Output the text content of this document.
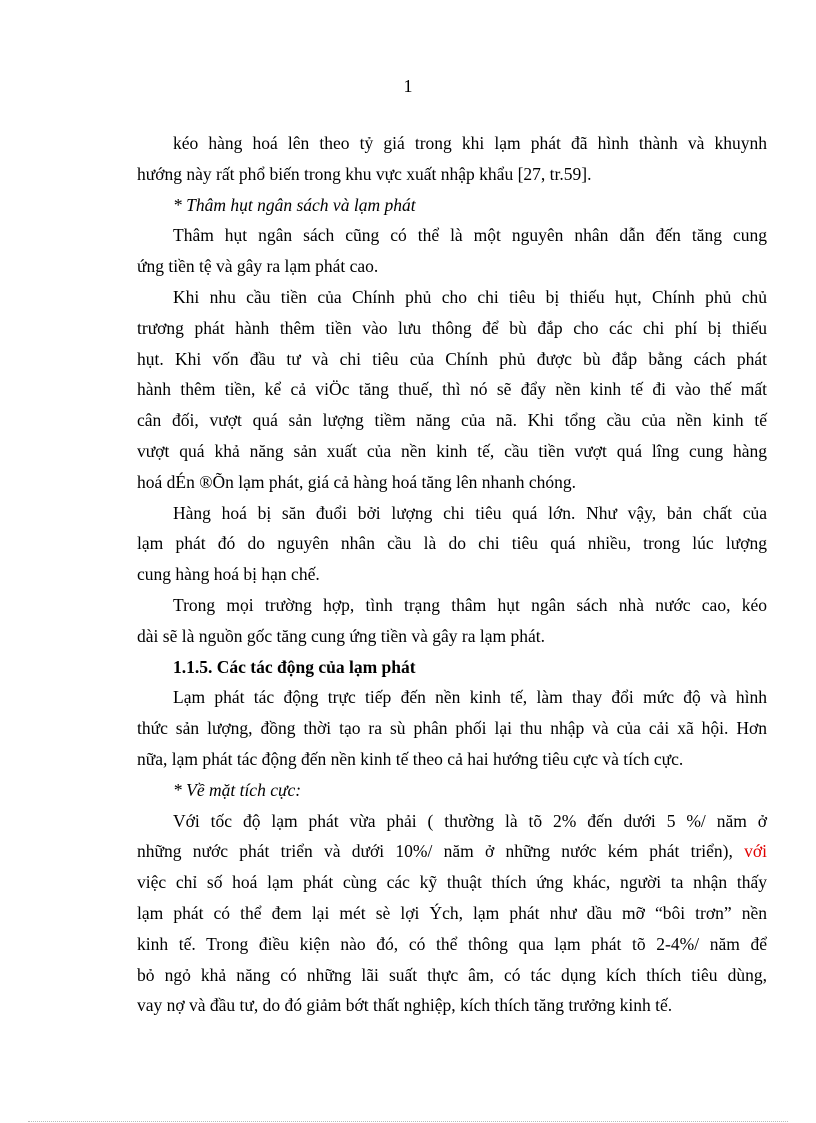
1
kéo hàng hoá lên theo tỷ giá trong khi lạm phát đã hình thành và khuynh
hướng này rất phổ biến trong khu vực xuất nhập khẩu [27, tr.59].
* Thâm hụt ngân sách và lạm phát
Thâm hụt ngân sách cũng có thể là một nguyên nhân dẫn đến tăng cung
ứng tiền tệ và gây ra lạm phát cao.
Khi nhu cầu tiền của Chính phủ cho chi tiêu bị thiếu hụt, Chính phủ chủ
trương phát hành thêm tiền vào lưu thông để bù đắp cho các chi phí bị thiếu
hụt. Khi vốn đầu tư và chi tiêu của Chính phủ được bù đắp bằng cách phát
hành thêm tiền, kể cả viÖc tăng thuế, thì nó sẽ đẩy nền kinh tế đi vào thế mất
cân đối, vượt quá sản lượng tiềm năng của nã. Khi tổng cầu của nền kinh tế
vượt quá khả năng sản xuất của nền kinh tế, cầu tiền vượt quá lîng cung hàng
hoá dÉn ®Õn lạm phát, giá cả hàng hoá tăng lên nhanh chóng.
Hàng hoá bị săn đuổi bởi lượng chi tiêu quá lớn. Như vậy, bản chất của
lạm phát đó do nguyên nhân cầu là do chi tiêu quá nhiều, trong lúc lượng
cung hàng hoá bị hạn chế.
Trong mọi trường hợp, tình trạng thâm hụt ngân sách nhà nước cao, kéo
dài sẽ là nguồn gốc tăng cung ứng tiền và gây ra lạm phát.
1.1.5. Các tác động của lạm phát
Lạm phát tác động trực tiếp đến nền kinh tế, làm thay đổi mức độ và hình
thức sản lượng, đồng thời tạo ra sù phân phối lại thu nhập và của cải xã hội. Hơn
nữa, lạm phát tác động đến nền kinh tế theo cả hai hướng tiêu cực và tích cực.
* Về mặt tích cực:
Với tốc độ lạm phát vừa phải ( thường là tõ 2% đến dưới 5 %/ năm ở
những nước phát triển và dưới 10%/ năm ở những nước kém phát triển), với
việc chỉ số hoá lạm phát cùng các kỹ thuật thích ứng khác, người ta nhận thấy
lạm phát có thể đem lại mét sè lợi Ých, lạm phát như dầu mỡ “bôi trơn” nền
kinh tế. Trong điều kiện nào đó, có thể thông qua lạm phát tõ 2-4%/ năm để
bỏ ngỏ khả năng có những lãi suất thực âm, có tác dụng kích thích tiêu dùng,
vay nợ và đầu tư, do đó giảm bớt thất nghiệp, kích thích tăng trưởng kinh tế.
